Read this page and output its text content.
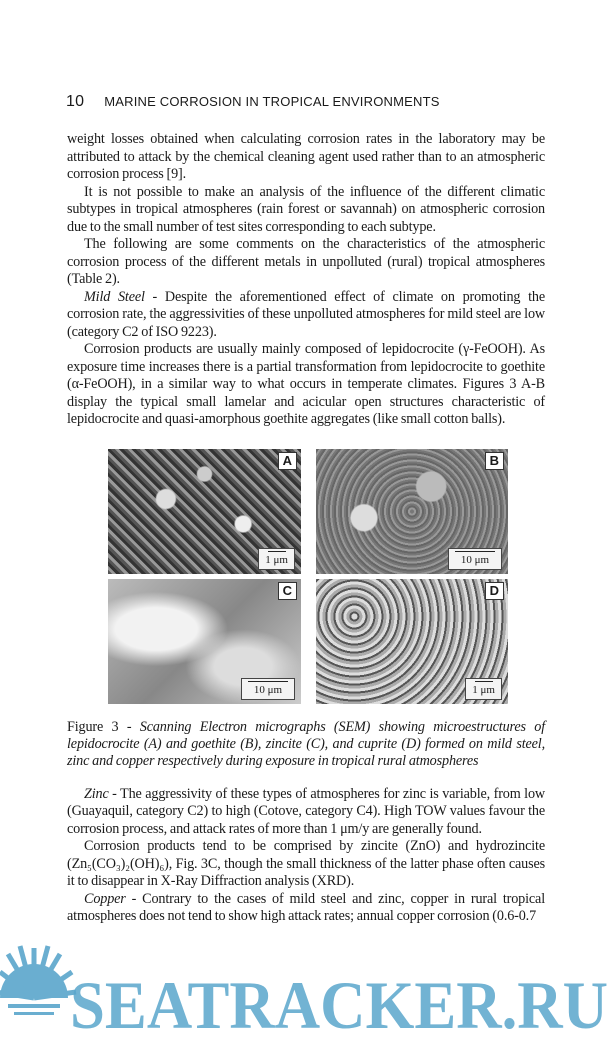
10 MARINE CORROSION IN TROPICAL ENVIRONMENTS

weight losses obtained when calculating corrosion rates in the laboratory may be attributed to attack by the chemical cleaning agent used rather than to an atmospheric corrosion process [9].

It is not possible to make an analysis of the influence of the different climatic subtypes in tropical atmospheres (rain forest or savannah) on atmospheric corrosion due to the small number of test sites corresponding to each subtype.

The following are some comments on the characteristics of the atmospheric corrosion process of the different metals in unpolluted (rural) tropical atmospheres (Table 2).

Mild Steel - Despite the aforementioned effect of climate on promoting the corrosion rate, the aggressivities of these unpolluted atmospheres for mild steel are low (category C2 of ISO 9223).

Corrosion products are usually mainly composed of lepidocrocite (γ-FeOOH). As exposure time increases there is a partial transformation from lepidocrocite to goethite (α-FeOOH), in a similar way to what occurs in temperate climates. Figures 3 A-B display the typical small lamelar and acicular open structures characteristic of lepidocrocite and quasi-amorphous goethite aggregates (like small cotton balls).

A
1 μm
B
10 μm
C
10 μm
D
1 μm
Figure 3 - Scanning Electron micrographs (SEM) showing microestructures of lepidocrocite (A) and goethite (B), zincite (C), and cuprite (D) formed on mild steel, zinc and copper respectively during exposure in tropical rural atmospheres

Zinc - The aggressivity of these types of atmospheres for zinc is variable, from low (Guayaquil, category C2) to high (Cotove, category C4). High TOW values favour the corrosion process, and attack rates of more than 1 μm/y are generally found.

Corrosion products tend to be comprised by zincite (ZnO) and hydrozincite (Zn₅(CO₃)₂(OH)₆), Fig. 3C, though the small thickness of the latter phase often causes it to disappear in X-Ray Diffraction analysis (XRD).

Copper - Contrary to the cases of mild steel and zinc, copper in rural tropical atmospheres does not tend to show high attack rates; annual copper corrosion (0.6-0.7

SEATRACKER.RU
